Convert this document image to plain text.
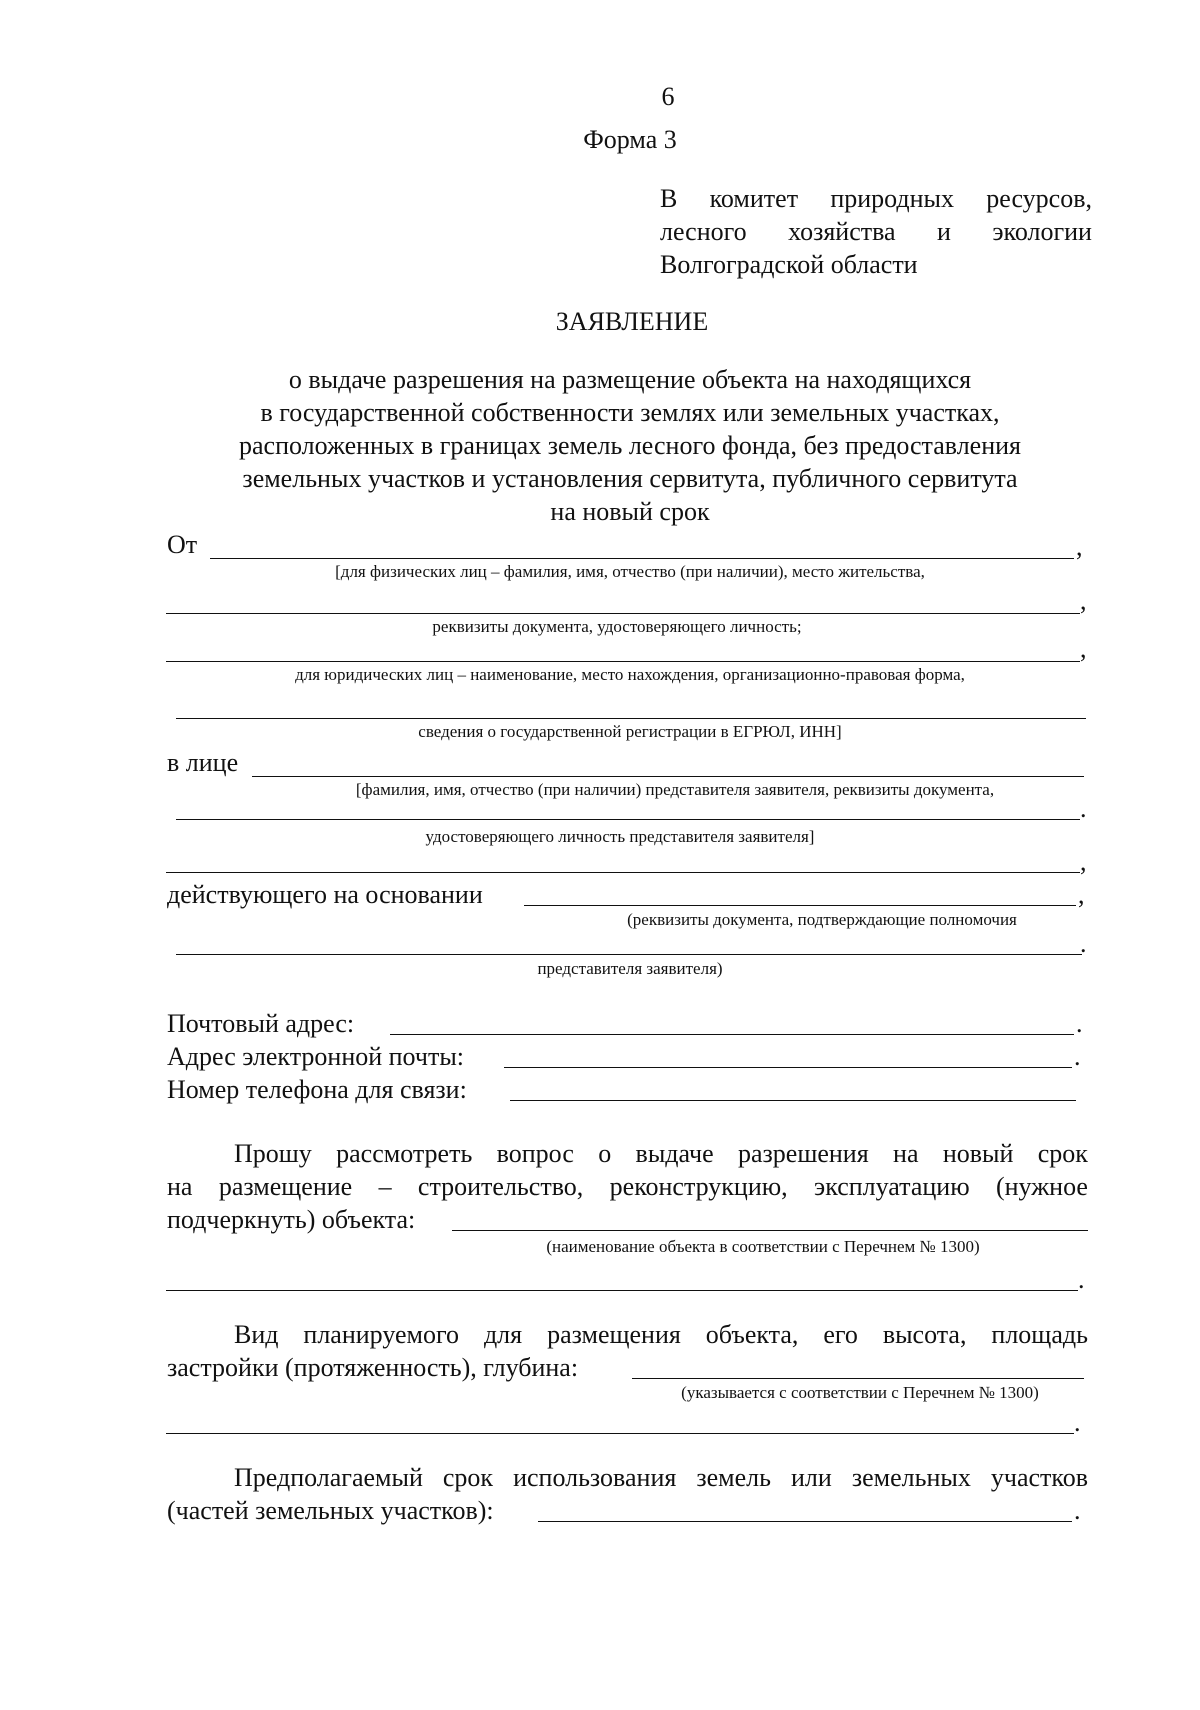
6
Форма 3
В комитет природных ресурсов,
лесного хозяйства и экологии
Волгоградской области
ЗАЯВЛЕНИЕ
о выдаче разрешения на размещение объекта на находящихся
в государственной собственности землях или земельных участках,
расположенных в границах земель лесного фонда, без предоставления
земельных участков и установления сервитута, публичного сервитута
на новый срок
От	,
[для физических лиц – фамилия, имя, отчество (при наличии), место жительства,
,
реквизиты документа, удостоверяющего личность;
,
для юридических лиц – наименование, место нахождения, организационно-правовая форма,
сведения о государственной регистрации в ЕГРЮЛ, ИНН]
в лице
[фамилия, имя, отчество (при наличии) представителя заявителя, реквизиты документа,
.
удостоверяющего личность представителя заявителя]
,
действующего на основании	,
(реквизиты документа, подтверждающие полномочия
.
представителя заявителя)
Почтовый адрес:	.
Адрес электронной почты:	.
Номер телефона для связи:
Прошу рассмотреть вопрос о выдаче разрешения на новый срок
на размещение – строительство, реконструкцию, эксплуатацию (нужное
подчеркнуть) объекта:
(наименование объекта в соответствии с Перечнем № 1300)
.
Вид планируемого для размещения объекта, его высота, площадь
застройки (протяженность), глубина:
(указывается с соответствии с Перечнем № 1300)
.
Предполагаемый срок использования земель или земельных участков
(частей земельных участков):	.
